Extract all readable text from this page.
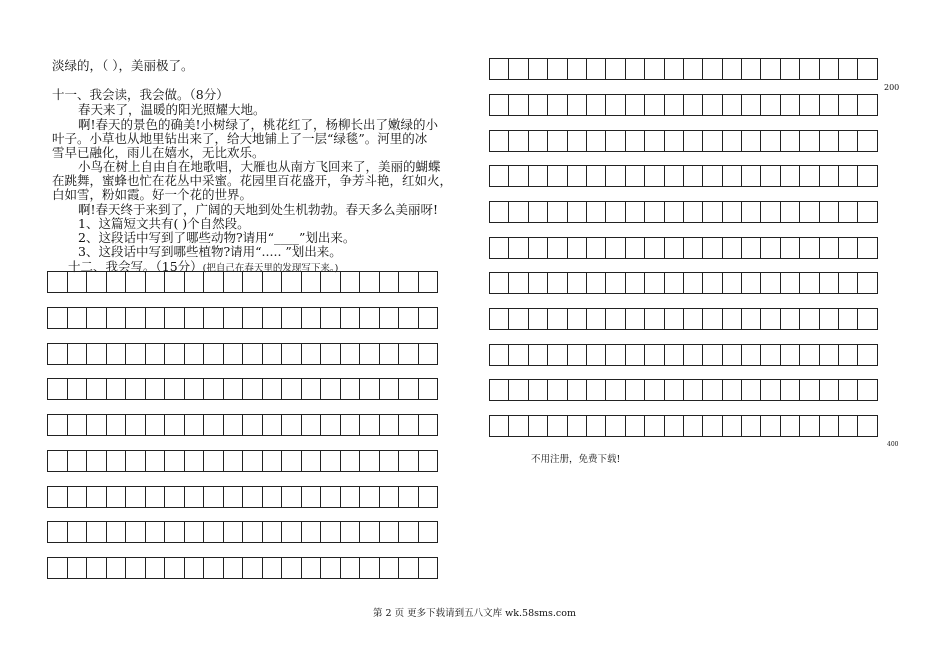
淡绿的，（ ），美丽极了。
十一、我会读，我会做。（8分）
春天来了，温暖的阳光照耀大地。
啊!春天的景色的确美!小树绿了，桃花红了，杨柳长出了嫩绿的小
叶子。小草也从地里钻出来了，给大地铺上了一层“绿毯”。河里的冰
雪早已融化，雨儿在嬉水，无比欢乐。
小鸟在树上自由自在地歌唱，大雁也从南方飞回来了，美丽的蝴蝶
在跳舞，蜜蜂也忙在花丛中采蜜。花园里百花盛开，争芳斗艳，红如火，
白如雪，粉如霞。好一个花的世界。
啊!春天终于来到了，广阔的天地到处生机勃勃。春天多么美丽呀!
1、这篇短文共有( )个自然段。
2、这段话中写到了哪些动物?请用“____”划出来。
3、这段话中写到哪些植物?请用“..... ”划出来。
十二、我会写。（15分）(把自己在春天里的发现写下来。)
200
400
不用注册，免费下载!
第 2 页 更多下载请到五八文库 wk.58sms.com
